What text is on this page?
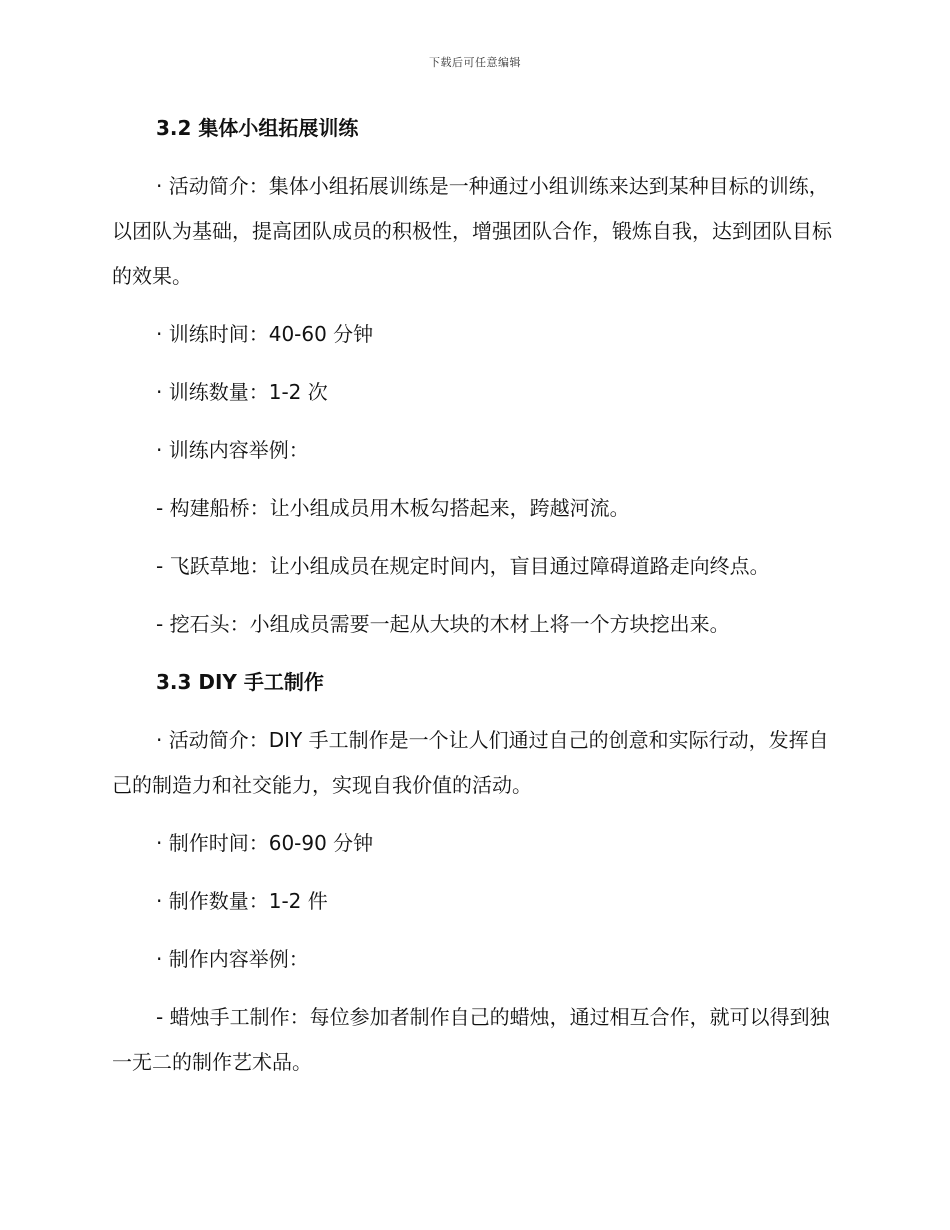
下载后可任意编辑
3.2 集体小组拓展训练

· 活动简介：集体小组拓展训练是一种通过小组训练来达到某种目标的训练，以团队为基础，提高团队成员的积极性，增强团队合作，锻炼自我，达到团队目标的效果。

· 训练时间：40-60 分钟

· 训练数量：1-2 次

· 训练内容举例：

- 构建船桥：让小组成员用木板勾搭起来，跨越河流。

- 飞跃草地：让小组成员在规定时间内，盲目通过障碍道路走向终点。

- 挖石头：小组成员需要一起从大块的木材上将一个方块挖出来。

3.3 DIY 手工制作

· 活动简介：DIY 手工制作是一个让人们通过自己的创意和实际行动，发挥自己的制造力和社交能力，实现自我价值的活动。

· 制作时间：60-90 分钟

· 制作数量：1-2 件

· 制作内容举例：

- 蜡烛手工制作：每位参加者制作自己的蜡烛，通过相互合作，就可以得到独一无二的制作艺术品。
